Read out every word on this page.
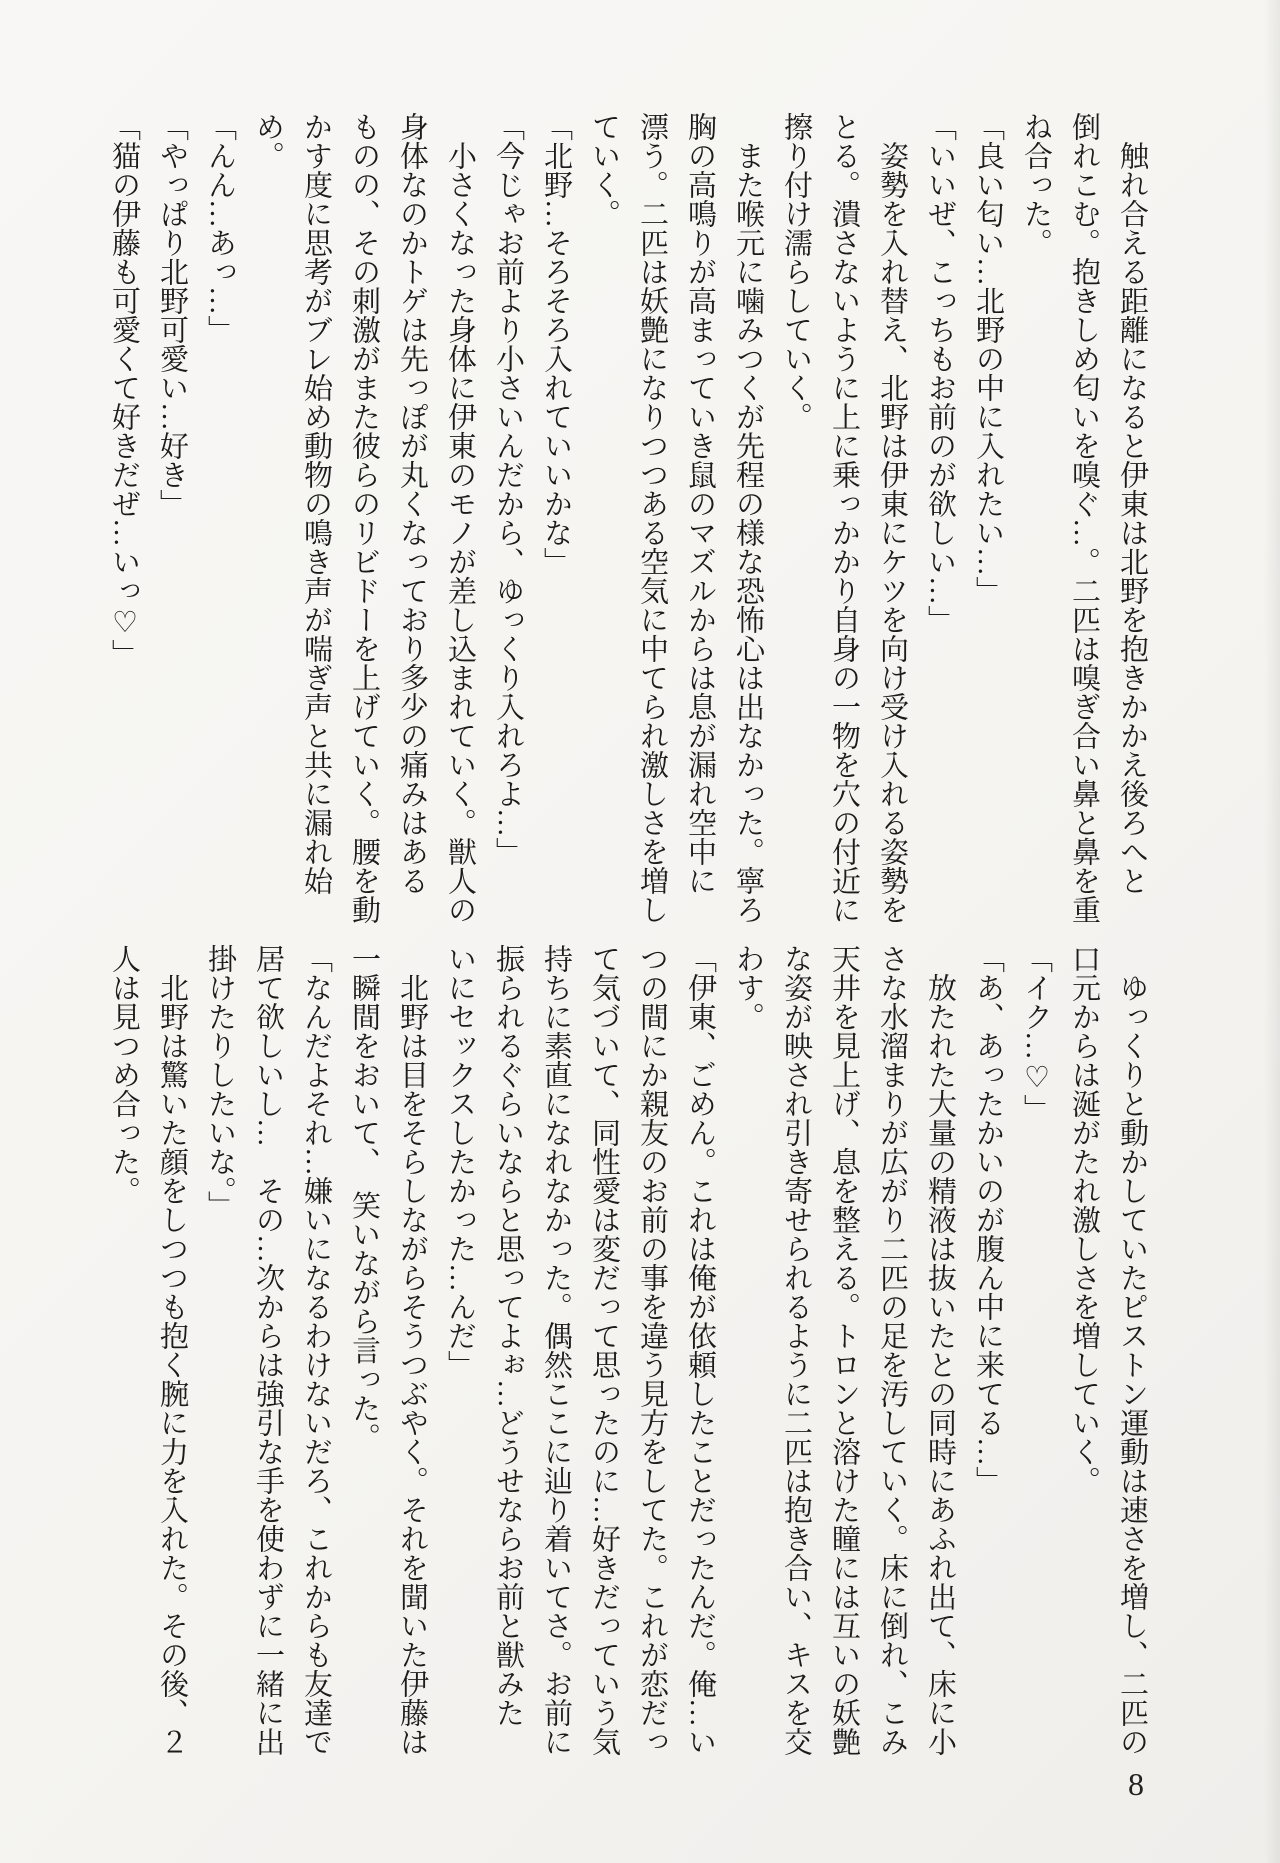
触れ合える距離になると伊東は北野を抱きかかえ後ろへと

倒れこむ。抱きしめ匂いを嗅ぐ…。二匹は嗅ぎ合い鼻と鼻を重

ね合った。

「良い匂い…北野の中に入れたい…」

「いいぜ、こっちもお前のが欲しい…」

姿勢を入れ替え、北野は伊東にケツを向け受け入れる姿勢を

とる。潰さないように上に乗っかかり自身の一物を穴の付近に

擦り付け濡らしていく。

また喉元に噛みつくが先程の様な恐怖心は出なかった。寧ろ

胸の高鳴りが高まっていき鼠のマズルからは息が漏れ空中に

漂う。二匹は妖艶になりつつある空気に中てられ激しさを増し

ていく。

「北野…そろそろ入れていいかな」

「今じゃお前より小さいんだから、ゆっくり入れろよ…」

小さくなった身体に伊東のモノが差し込まれていく。獣人の

身体なのかトゲは先っぽが丸くなっており多少の痛みはある

ものの、その刺激がまた彼らのリビドーを上げていく。腰を動

かす度に思考がブレ始め動物の鳴き声が喘ぎ声と共に漏れ始

め。

「んん…あっ…」

「やっぱり北野可愛い…好き」

「猫の伊藤も可愛くて好きだぜ…いっ♡」

ゆっくりと動かしていたピストン運動は速さを増し、二匹の

口元からは涎がたれ激しさを増していく。

「イク…♡」

「あ、あったかいのが腹ん中に来てる…」

放たれた大量の精液は抜いたとの同時にあふれ出て、床に小

さな水溜まりが広がり二匹の足を汚していく。床に倒れ、こみ

天井を見上げ、息を整える。トロンと溶けた瞳には互いの妖艶

な姿が映され引き寄せられるように二匹は抱き合い、キスを交

わす。

「伊東、ごめん。これは俺が依頼したことだったんだ。俺…い

つの間にか親友のお前の事を違う見方をしてた。これが恋だっ

て気づいて、同性愛は変だって思ったのに…好きだっていう気

持ちに素直になれなかった。偶然ここに辿り着いてさ。お前に

振られるぐらいならと思ってよぉ…どうせならお前と獣みた

いにセックスしたかった…んだ」

北野は目をそらしながらそうつぶやく。それを聞いた伊藤は

一瞬間をおいて、　笑いながら言った。

「なんだよそれ…嫌いになるわけないだろ、これからも友達で

居て欲しいし…　その…次からは強引な手を使わずに一緒に出

掛けたりしたいな。」

北野は驚いた顔をしつつも抱く腕に力を入れた。その後、２

人は見つめ合った。

8
